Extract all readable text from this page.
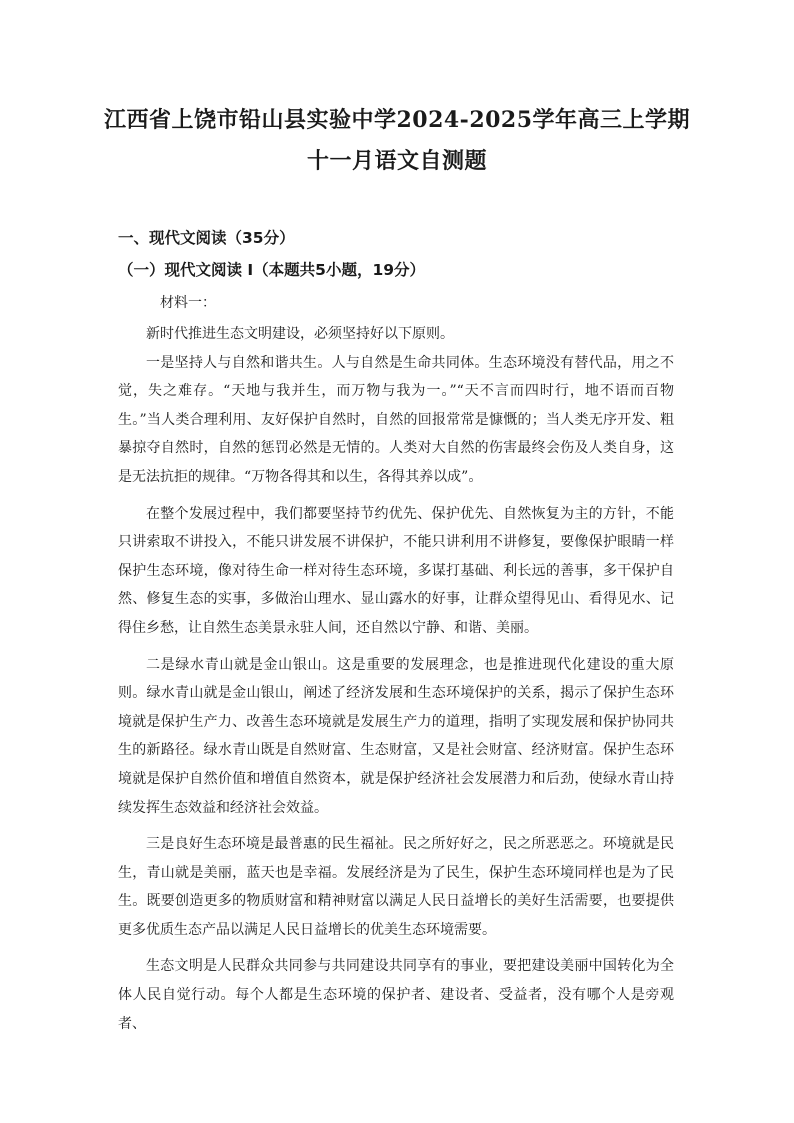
江西省上饶市铅山县实验中学2024-2025学年高三上学期
十一月语文自测题
一、现代文阅读（35分）
（一）现代文阅读 I（本题共5小题，19分）
材料一：

新时代推进生态文明建设，必须坚持好以下原则。

一是坚持人与自然和谐共生。人与自然是生命共同体。生态环境没有替代品，用之不觉，失之难存。“天地与我并生，而万物与我为一。”“天不言而四时行，地不语而百物生。”当人类合理利用、友好保护自然时，自然的回报常常是慷慨的；当人类无序开发、粗暴掠夺自然时，自然的惩罚必然是无情的。人类对大自然的伤害最终会伤及人类自身，这是无法抗拒的规律。“万物各得其和以生，各得其养以成”。

在整个发展过程中，我们都要坚持节约优先、保护优先、自然恢复为主的方针，不能只讲索取不讲投入，不能只讲发展不讲保护，不能只讲利用不讲修复，要像保护眼睛一样保护生态环境，像对待生命一样对待生态环境，多谋打基础、利长远的善事，多干保护自然、修复生态的实事，多做治山理水、显山露水的好事，让群众望得见山、看得见水、记得住乡愁，让自然生态美景永驻人间，还自然以宁静、和谐、美丽。

二是绿水青山就是金山银山。这是重要的发展理念，也是推进现代化建设的重大原则。绿水青山就是金山银山，阐述了经济发展和生态环境保护的关系，揭示了保护生态环境就是保护生产力、改善生态环境就是发展生产力的道理，指明了实现发展和保护协同共生的新路径。绿水青山既是自然财富、生态财富，又是社会财富、经济财富。保护生态环境就是保护自然价值和增值自然资本，就是保护经济社会发展潜力和后劲，使绿水青山持续发挥生态效益和经济社会效益。

三是良好生态环境是最普惠的民生福祉。民之所好好之，民之所恶恶之。环境就是民生，青山就是美丽，蓝天也是幸福。发展经济是为了民生，保护生态环境同样也是为了民生。既要创造更多的物质财富和精神财富以满足人民日益增长的美好生活需要，也要提供更多优质生态产品以满足人民日益增长的优美生态环境需要。

生态文明是人民群众共同参与共同建设共同享有的事业，要把建设美丽中国转化为全体人民自觉行动。每个人都是生态环境的保护者、建设者、受益者，没有哪个人是旁观者、
